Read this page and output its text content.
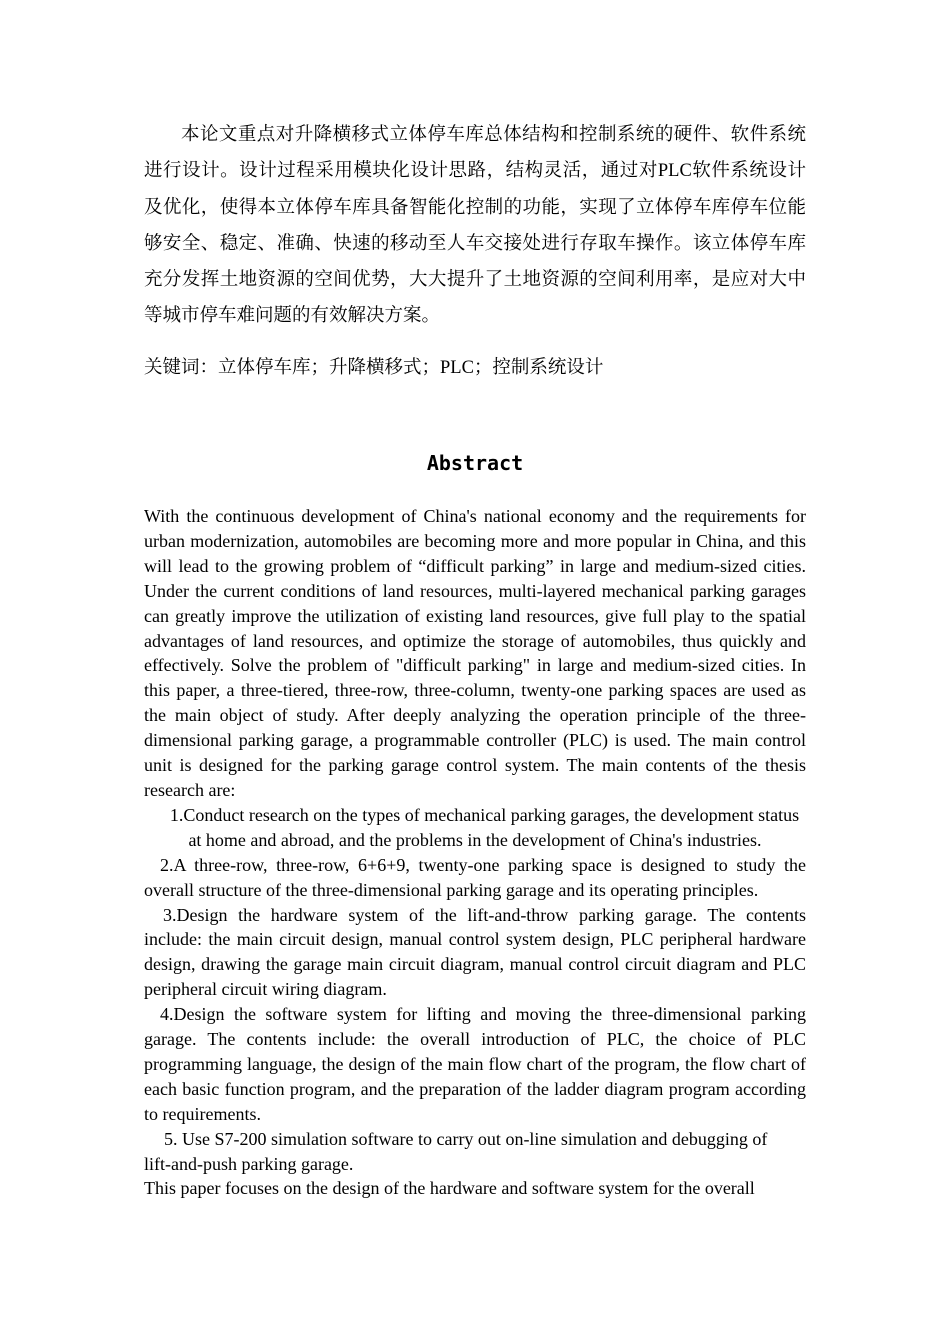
本论文重点对升降横移式立体停车库总体结构和控制系统的硬件、软件系统进行设计。设计过程采用模块化设计思路，结构灵活，通过对PLC软件系统设计及优化，使得本立体停车库具备智能化控制的功能，实现了立体停车库停车位能够安全、稳定、准确、快速的移动至人车交接处进行存取车操作。该立体停车库充分发挥土地资源的空间优势，大大提升了土地资源的空间利用率，是应对大中等城市停车难问题的有效解决方案。

关键词：立体停车库；升降横移式；PLC；控制系统设计

Abstract

With the continuous development of China's national economy and the requirements for urban modernization, automobiles are becoming more and more popular in China, and this will lead to the growing problem of “difficult parking” in large and medium-sized cities. Under the current conditions of land resources, multi-layered mechanical parking garages can greatly improve the utilization of existing land resources, give full play to the spatial advantages of land resources, and optimize the storage of automobiles, thus quickly and effectively. Solve the problem of "difficult parking" in large and medium-sized cities. In this paper, a three-tiered, three-row, three-column, twenty-one parking spaces are used as the main object of study. After deeply analyzing the operation principle of the three-dimensional parking garage, a programmable controller (PLC) is used. The main control unit is designed for the parking garage control system. The main contents of the thesis research are:

1.Conduct research on the types of mechanical parking garages, the development status at home and abroad, and the problems in the development of China's industries.

2.A three-row, three-row, 6+6+9, twenty-one parking space is designed to study the overall structure of the three-dimensional parking garage and its operating principles.

3.Design the hardware system of the lift-and-throw parking garage. The contents include: the main circuit design, manual control system design, PLC peripheral hardware design, drawing the garage main circuit diagram, manual control circuit diagram and PLC peripheral circuit wiring diagram.

4.Design the software system for lifting and moving the three-dimensional parking garage. The contents include: the overall introduction of PLC, the choice of PLC programming language, the design of the main flow chart of the program, the flow chart of each basic function program, and the preparation of the ladder diagram program according to requirements.

5. Use S7-200 simulation software to carry out on-line simulation and debugging of lift-and-push parking garage.

This paper focuses on the design of the hardware and software system for the overall
